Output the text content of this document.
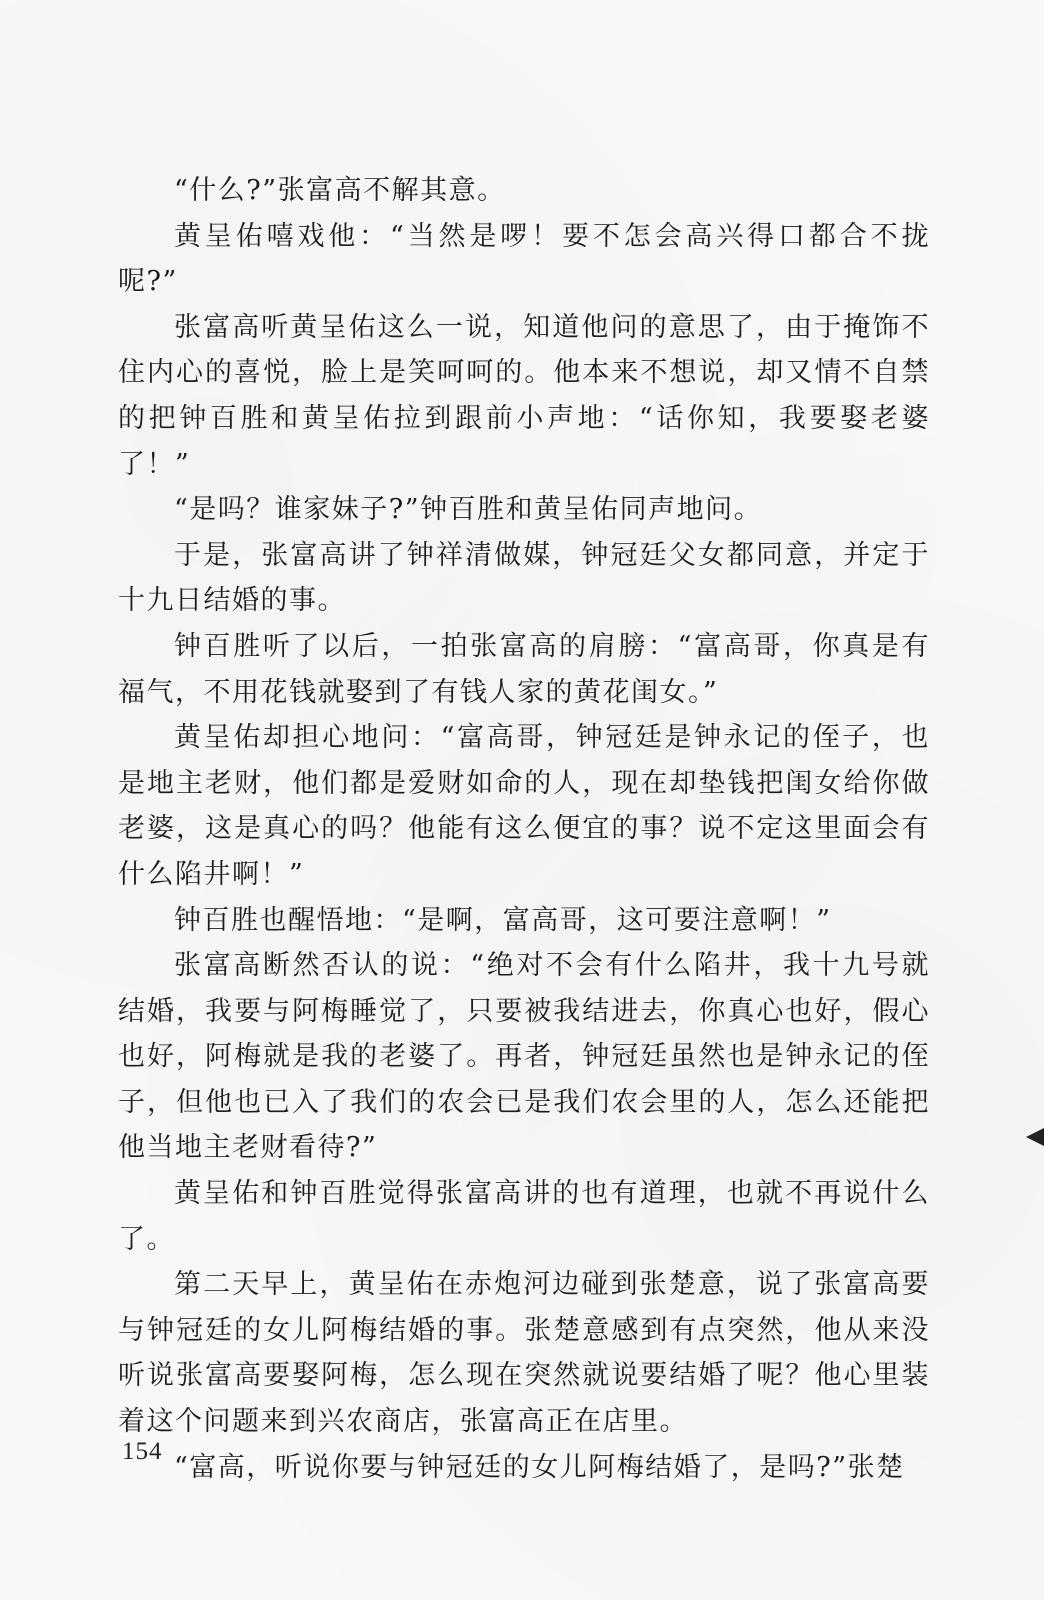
“什么?”张富高不解其意。

黄呈佑嘻戏他：“当然是啰！要不怎会高兴得口都合不拢呢?”

张富高听黄呈佑这么一说，知道他问的意思了，由于掩饰不住内心的喜悦，脸上是笑呵呵的。他本来不想说，却又情不自禁的把钟百胜和黄呈佑拉到跟前小声地：“话你知，我要娶老婆了！”

“是吗？谁家妹子?”钟百胜和黄呈佑同声地问。

于是，张富高讲了钟祥清做媒，钟冠廷父女都同意，并定于十九日结婚的事。

钟百胜听了以后，一拍张富高的肩膀：“富高哥，你真是有福气，不用花钱就娶到了有钱人家的黄花闺女。”

黄呈佑却担心地问：“富高哥，钟冠廷是钟永记的侄子，也是地主老财，他们都是爱财如命的人，现在却垫钱把闺女给你做老婆，这是真心的吗？他能有这么便宜的事？说不定这里面会有什么陷井啊！”

钟百胜也醒悟地：“是啊，富高哥，这可要注意啊！”

张富高断然否认的说：“绝对不会有什么陷井，我十九号就结婚，我要与阿梅睡觉了，只要被我结进去，你真心也好，假心也好，阿梅就是我的老婆了。再者，钟冠廷虽然也是钟永记的侄子，但他也已入了我们的农会已是我们农会里的人，怎么还能把他当地主老财看待?”

黄呈佑和钟百胜觉得张富高讲的也有道理，也就不再说什么了。

第二天早上，黄呈佑在赤炮河边碰到张楚意，说了张富高要与钟冠廷的女儿阿梅结婚的事。张楚意感到有点突然，他从来没听说张富高要娶阿梅，怎么现在突然就说要结婚了呢？他心里装着这个问题来到兴农商店，张富高正在店里。

“富高，听说你要与钟冠廷的女儿阿梅结婚了，是吗?”张楚

154
